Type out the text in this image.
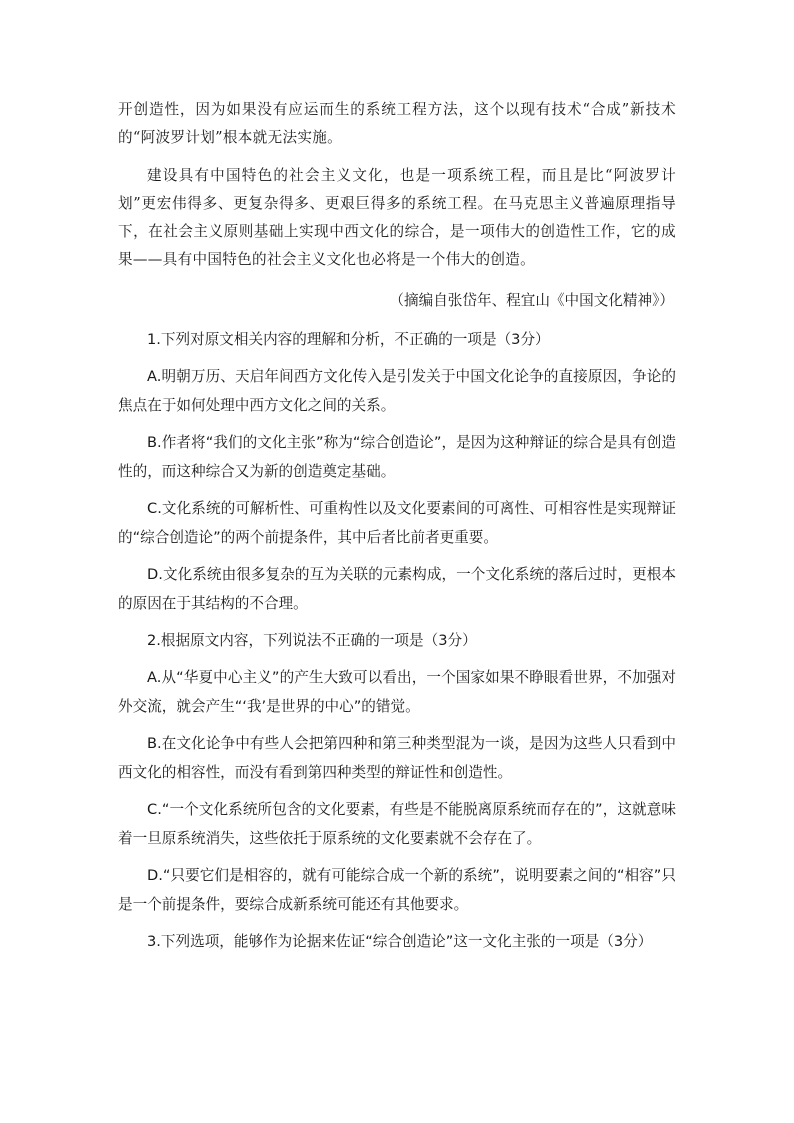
开创造性，因为如果没有应运而生的系统工程方法，这个以现有技术“合成”新技术的“阿波罗计划”根本就无法实施。

建设具有中国特色的社会主义文化，也是一项系统工程，而且是比“阿波罗计划”更宏伟得多、更复杂得多、更艰巨得多的系统工程。在马克思主义普遍原理指导下，在社会主义原则基础上实现中西文化的综合，是一项伟大的创造性工作，它的成果——具有中国特色的社会主义文化也必将是一个伟大的创造。

（摘编自张岱年、程宜山《中国文化精神》）

1.下列对原文相关内容的理解和分析，不正确的一项是（3分）

A.明朝万历、天启年间西方文化传入是引发关于中国文化论争的直接原因，争论的焦点在于如何处理中西方文化之间的关系。

B.作者将“我们的文化主张”称为“综合创造论”，是因为这种辩证的综合是具有创造性的，而这种综合又为新的创造奠定基础。

C.文化系统的可解析性、可重构性以及文化要素间的可离性、可相容性是实现辩证的“综合创造论”的两个前提条件，其中后者比前者更重要。

D.文化系统由很多复杂的互为关联的元素构成，一个文化系统的落后过时，更根本的原因在于其结构的不合理。

2.根据原文内容，下列说法不正确的一项是（3分）

A.从“华夏中心主义”的产生大致可以看出，一个国家如果不睁眼看世界，不加强对外交流，就会产生“‘我’是世界的中心”的错觉。

B.在文化论争中有些人会把第四种和第三种类型混为一谈，是因为这些人只看到中西文化的相容性，而没有看到第四种类型的辩证性和创造性。

C.“一个文化系统所包含的文化要素，有些是不能脱离原系统而存在的”，这就意味着一旦原系统消失，这些依托于原系统的文化要素就不会存在了。

D.“只要它们是相容的，就有可能综合成一个新的系统”，说明要素之间的“相容”只是一个前提条件，要综合成新系统可能还有其他要求。

3.下列选项，能够作为论据来佐证“综合创造论”这一文化主张的一项是（3分）
